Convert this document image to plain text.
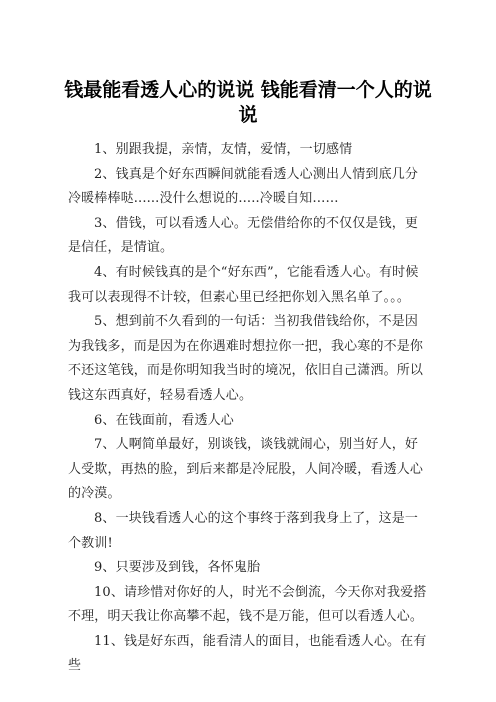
钱最能看透人心的说说 钱能看清一个人的说说

1、别跟我提，亲情，友情，爱情，一切感情

2、钱真是个好东西瞬间就能看透人心测出人情到底几分冷暖棒棒哒......没什么想说的.....冷暖自知……

3、借钱，可以看透人心。无偿借给你的不仅仅是钱，更是信任，是情谊。

4、有时候钱真的是个“好东西”，它能看透人心。有时候我可以表现得不计较，但素心里已经把你划入黑名单了。。。

5、想到前不久看到的一句话：当初我借钱给你，不是因为我钱多，而是因为在你遇难时想拉你一把，我心寒的不是你不还这笔钱，而是你明知我当时的境况，依旧自己潇洒。所以钱这东西真好，轻易看透人心。

6、在钱面前，看透人心

7、人啊简单最好，别谈钱，谈钱就闹心，别当好人，好人受欺，再热的脸，到后来都是冷屁股，人间冷暖，看透人心的冷漠。

8、一块钱看透人心的这个事终于落到我身上了，这是一个教训!

9、只要涉及到钱，各怀鬼胎

10、请珍惜对你好的人，时光不会倒流，今天你对我爱搭不理，明天我让你高攀不起，钱不是万能，但可以看透人心。

11、钱是好东西，能看清人的面目，也能看透人心。在有些
